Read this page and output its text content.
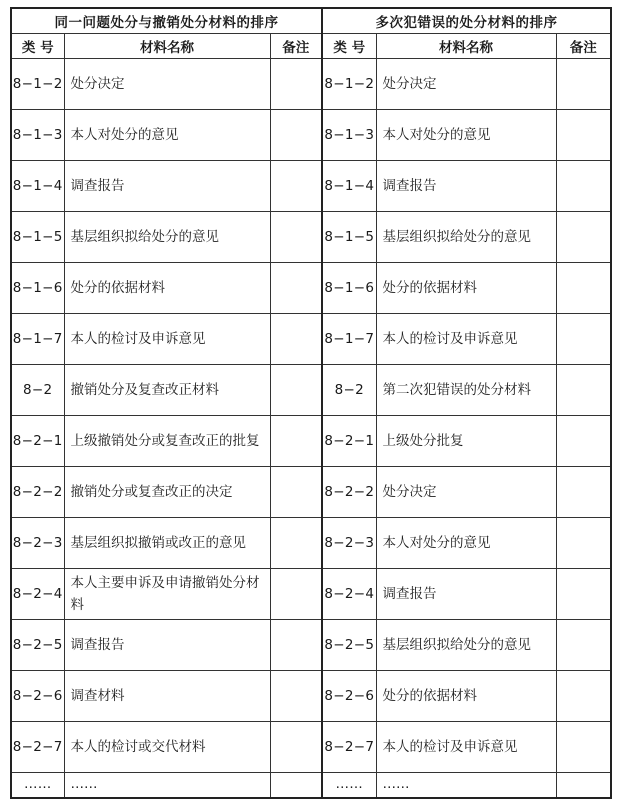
同一问题处分与撤销处分材料的排序			多次犯错误的处分材料的排序		
类 号	材料名称	备注	类 号	材料名称	备注
8−1−2	处分决定		8−1−2	处分决定	
8−1−3	本人对处分的意见		8−1−3	本人对处分的意见	
8−1−4	调查报告		8−1−4	调查报告	
8−1−5	基层组织拟给处分的意见		8−1−5	基层组织拟给处分的意见	
8−1−6	处分的依据材料		8−1−6	处分的依据材料	
8−1−7	本人的检讨及申诉意见		8−1−7	本人的检讨及申诉意见	
8−2	撤销处分及复查改正材料		8−2	第二次犯错误的处分材料	
8−2−1	上级撤销处分或复查改正的批复		8−2−1	上级处分批复	
8−2−2	撤销处分或复查改正的决定		8−2−2	处分决定	
8−2−3	基层组织拟撤销或改正的意见		8−2−3	本人对处分的意见	
8−2−4	本人主要申诉及申请撤销处分材料		8−2−4	调查报告	
8−2−5	调查报告		8−2−5	基层组织拟给处分的意见	
8−2−6	调查材料		8−2−6	处分的依据材料	
8−2−7	本人的检讨或交代材料		8−2−7	本人的检讨及申诉意见	
……	……		……	……	
